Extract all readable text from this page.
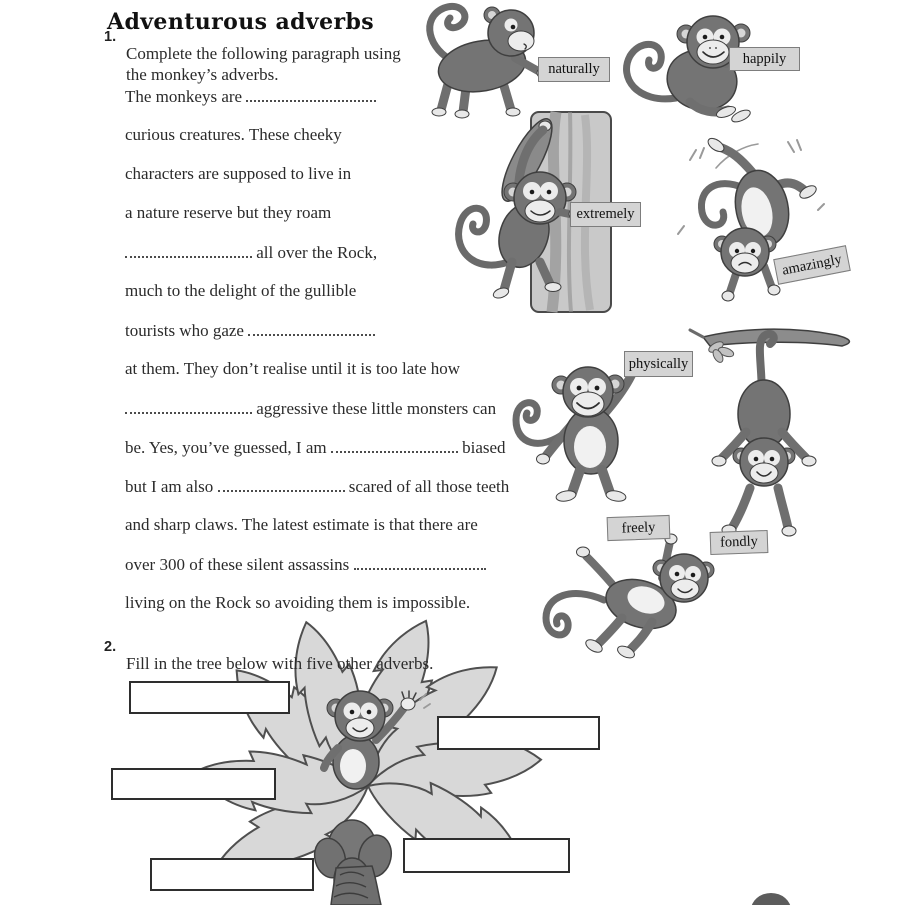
Adventurous adverbs
1.

Complete the following paragraph using the monkey’s adverbs.

The monkeys are
curious creatures. These cheeky
characters are supposed to live in
a nature reserve but they roam
all over the Rock,
much to the delight of the gullible
tourists who gaze
at them. They don’t realise until it is too late how
aggressive these little monsters can
be. Yes, you’ve guessed, I am	biased
but I am also	scared of all those teeth
and sharp claws. The latest estimate is that there are
over 300 of these silent assassins
living on the Rock so avoiding them is impossible.
2.

Fill in the tree below with five other adverbs.

naturally
happily
extremely
amazingly
physically
freely
fondly
